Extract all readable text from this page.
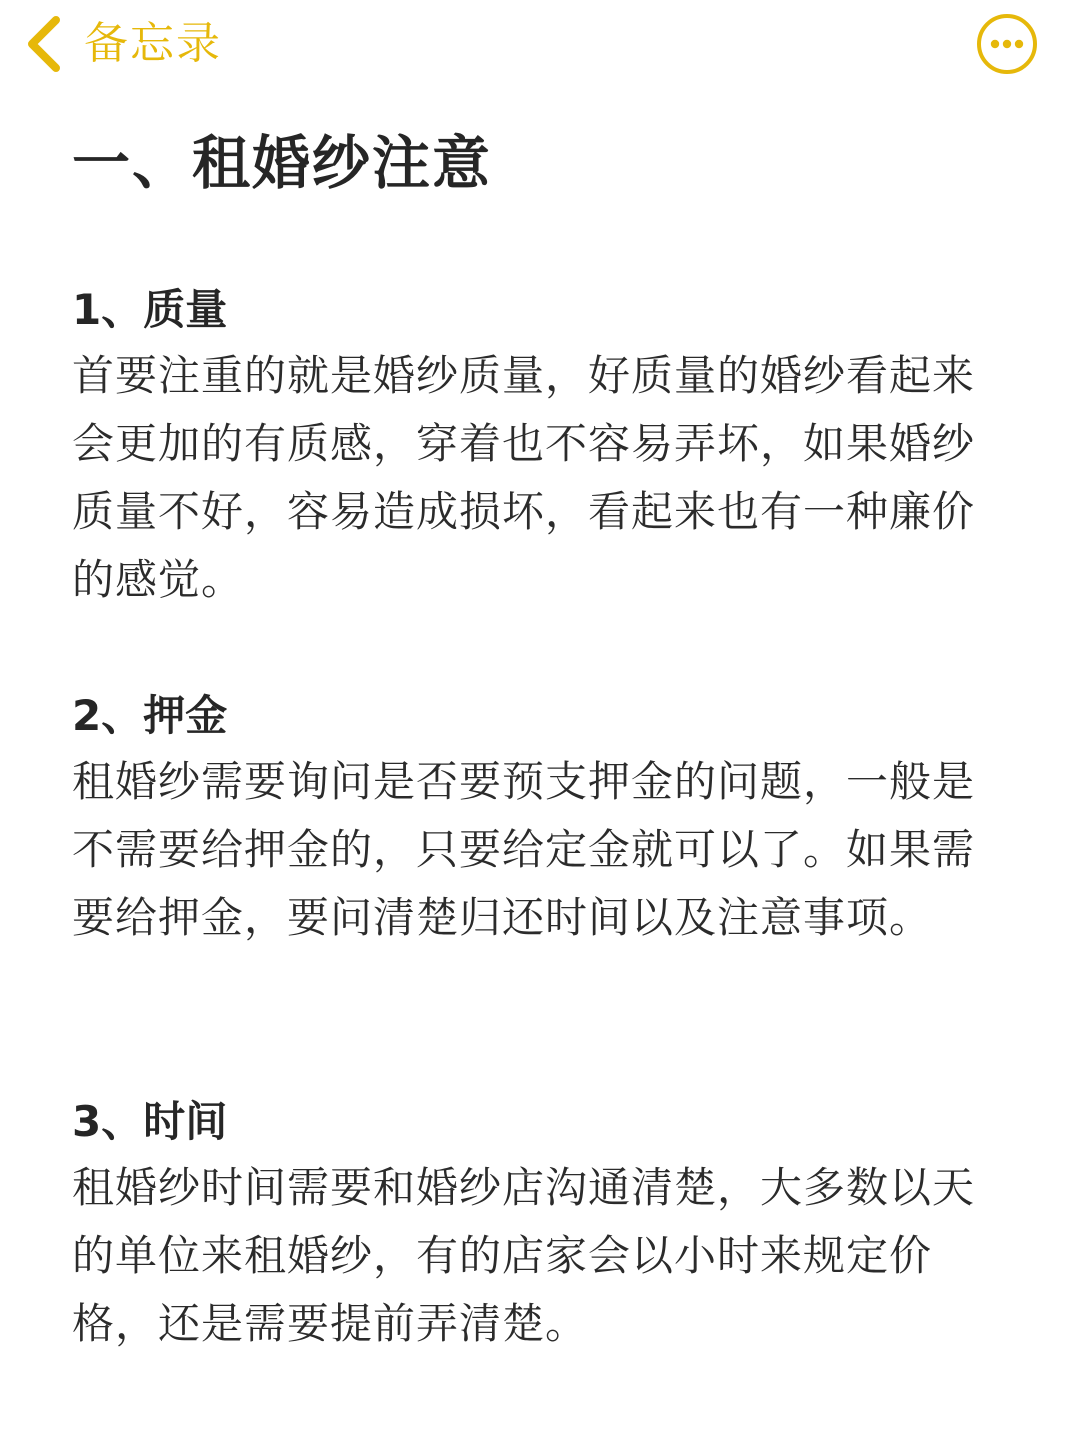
备忘录
一、租婚纱注意

1、质量

首要注重的就是婚纱质量，好质量的婚纱看起来会更加的有质感，穿着也不容易弄坏，如果婚纱质量不好，容易造成损坏，看起来也有一种廉价的感觉。

2、押金

租婚纱需要询问是否要预支押金的问题，一般是不需要给押金的，只要给定金就可以了。如果需要给押金，要问清楚归还时间以及注意事项。

3、时间

租婚纱时间需要和婚纱店沟通清楚，大多数以天的单位来租婚纱，有的店家会以小时来规定价格，还是需要提前弄清楚。
